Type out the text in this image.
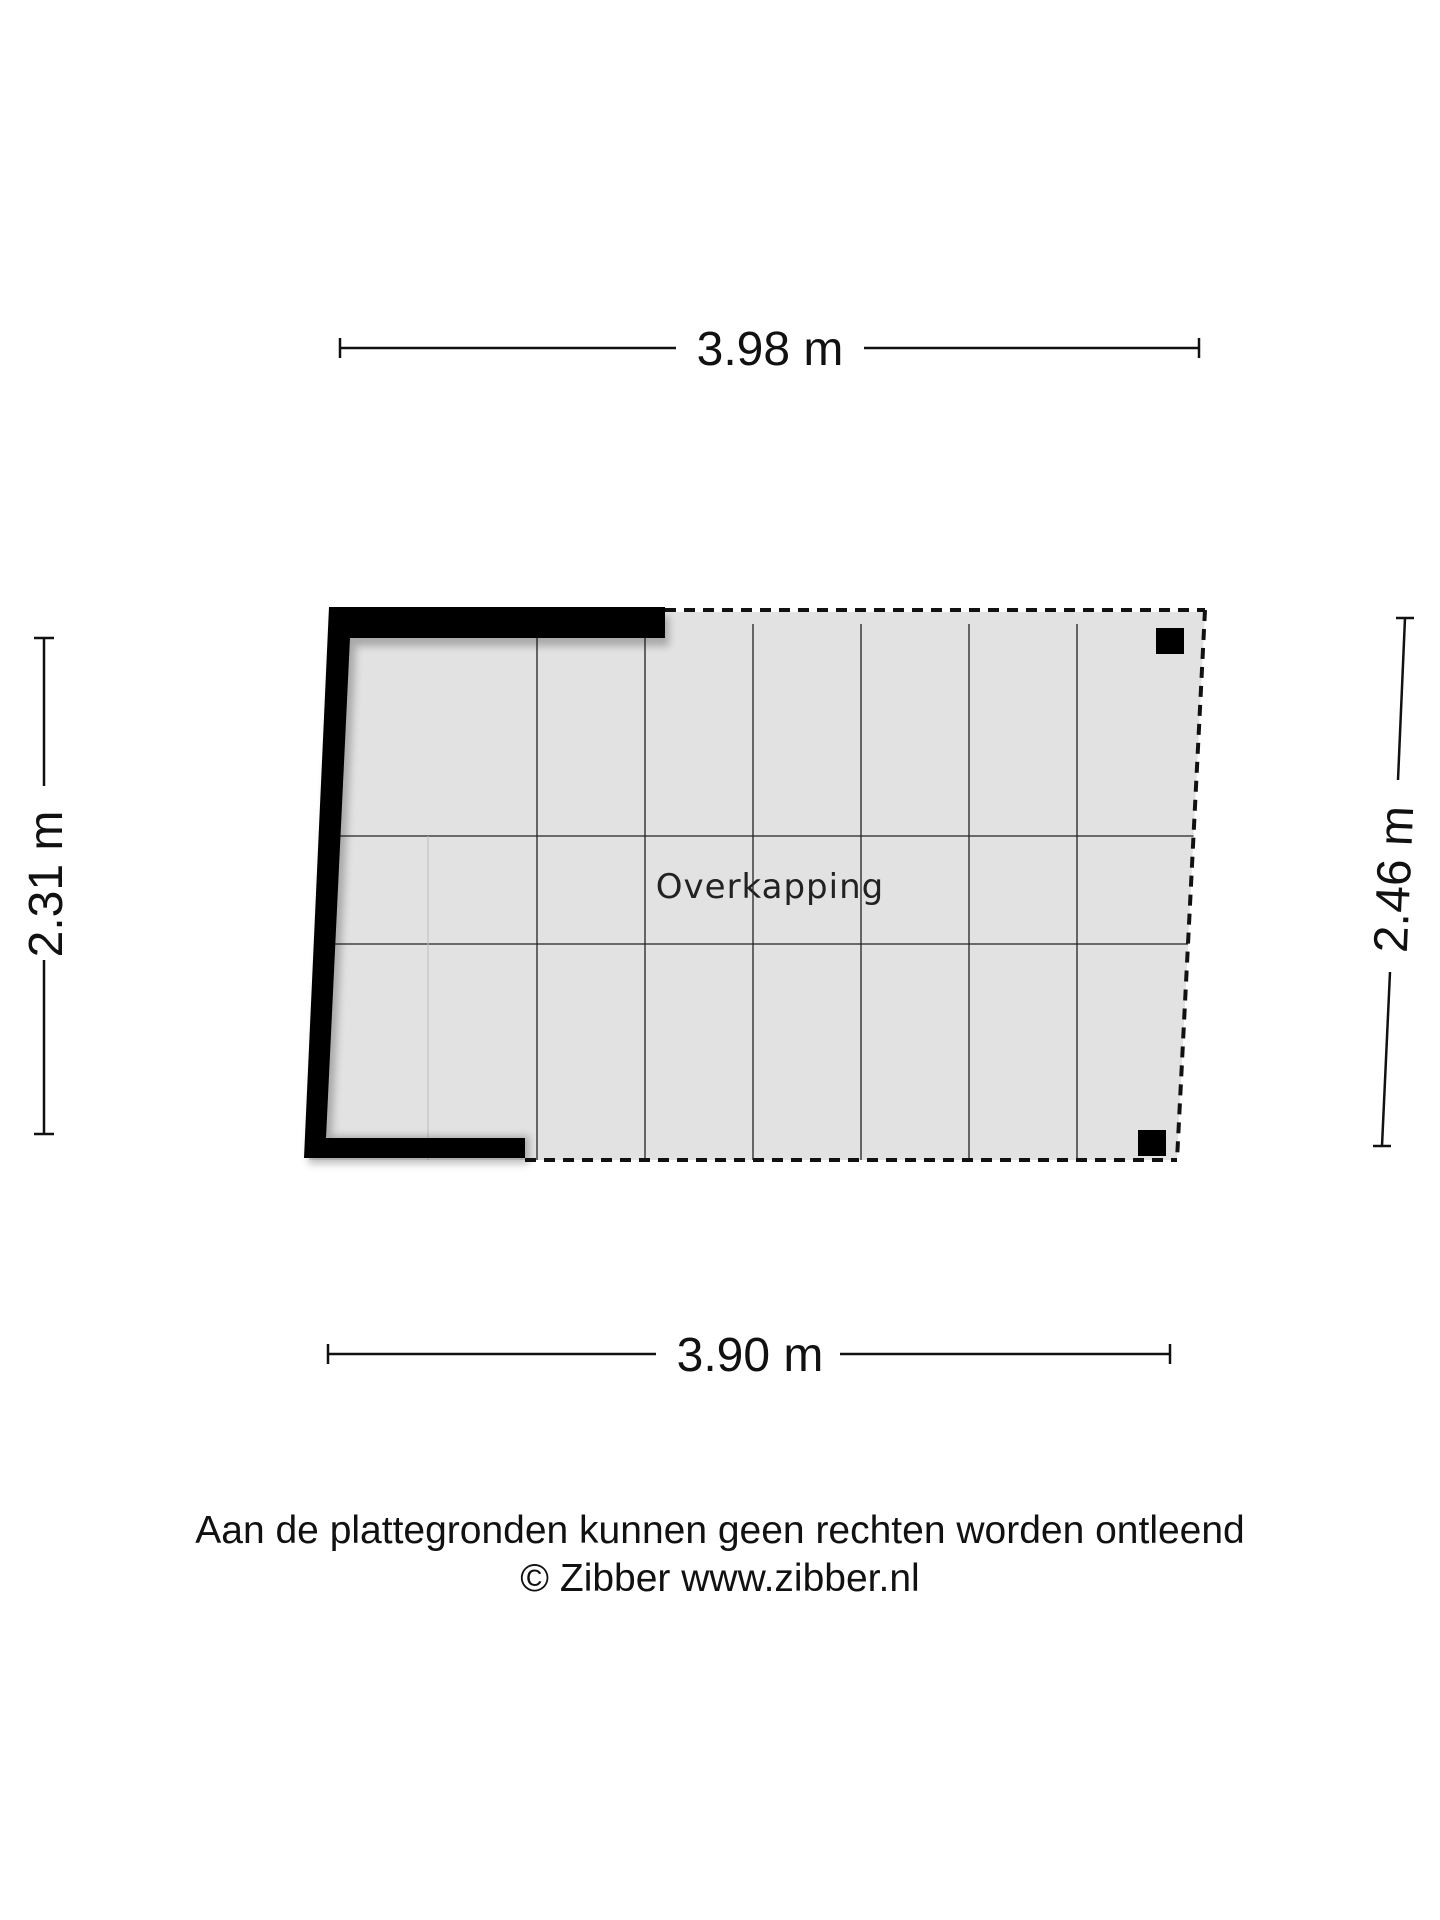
3.98 m
3.90 m
2.31 m	2.46 m
Overkapping
Aan de plattegronden kunnen geen rechten worden ontleend
© Zibber www.zibber.nl
